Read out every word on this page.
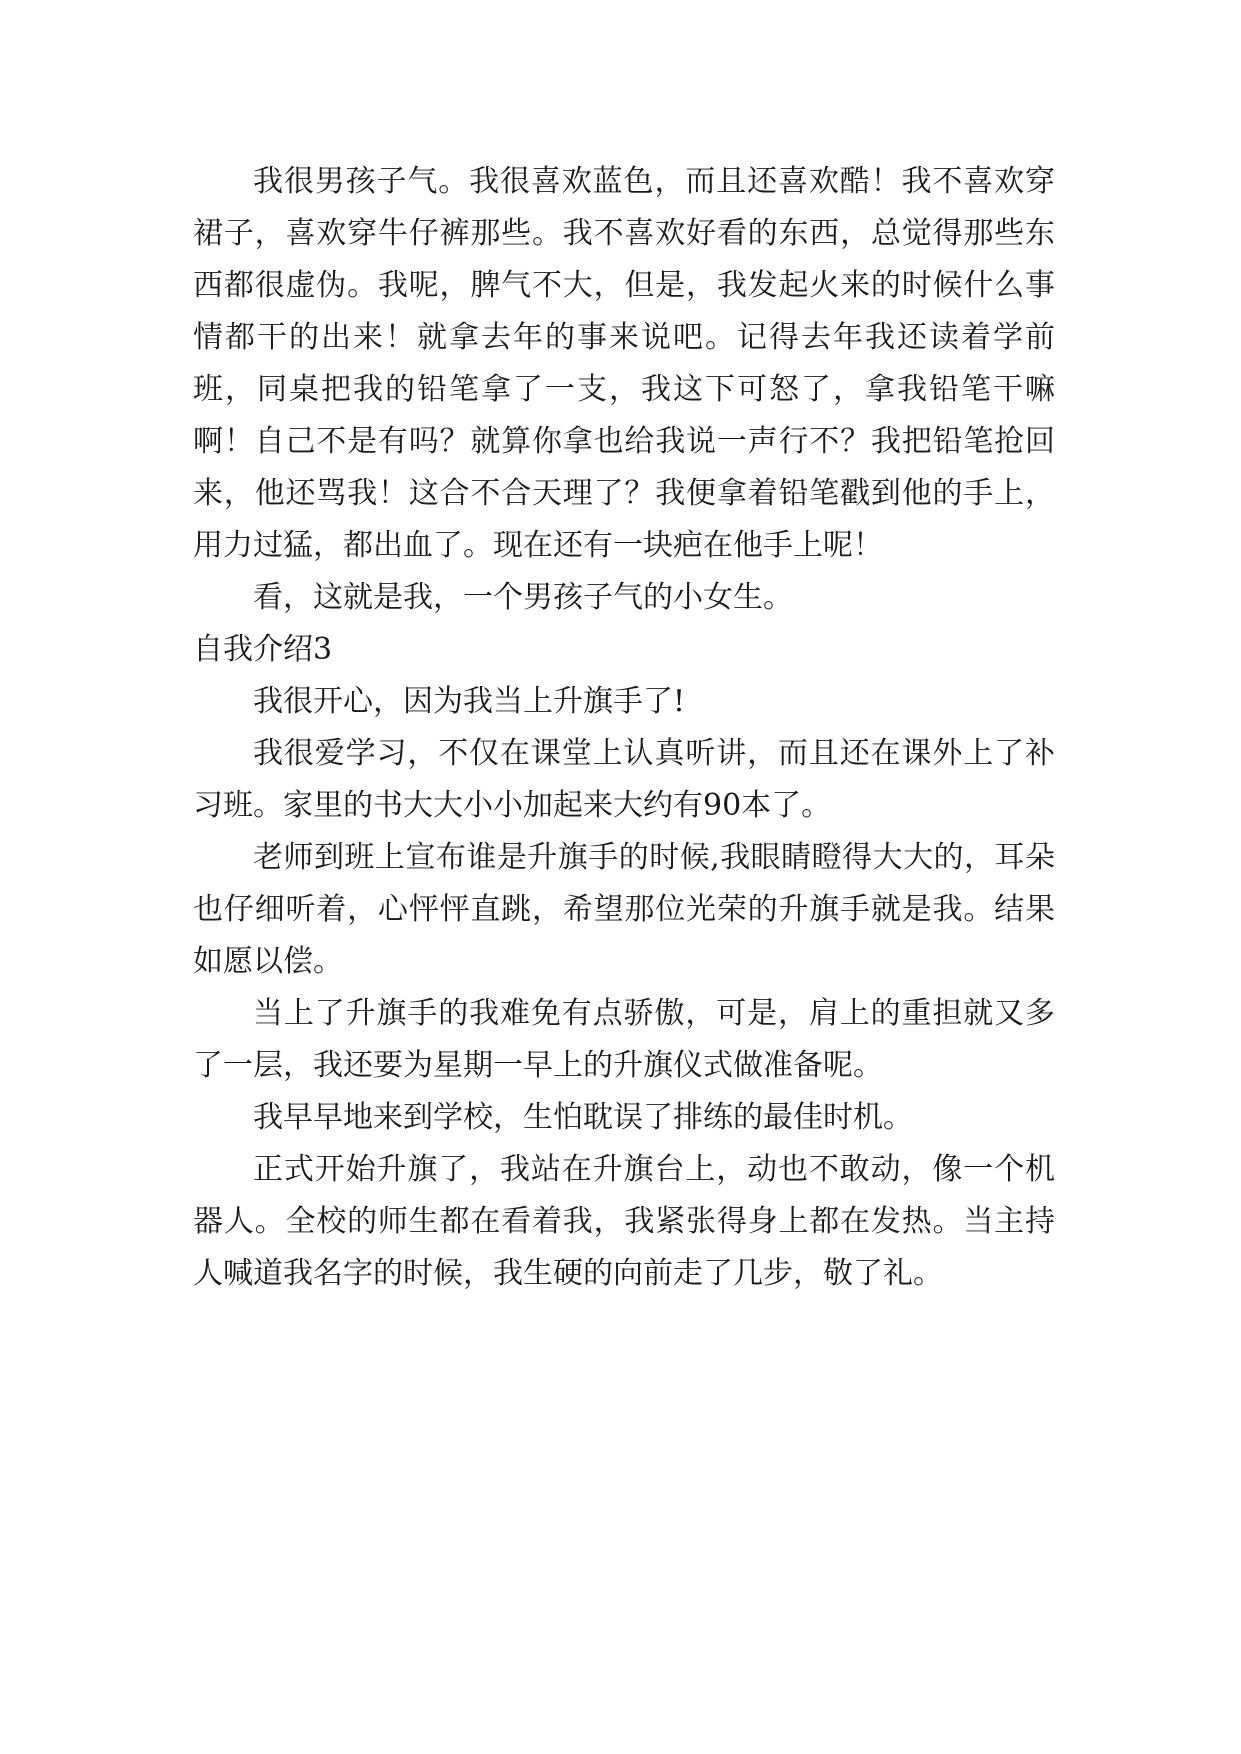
我很男孩子气。我很喜欢蓝色，而且还喜欢酷！我不喜欢穿裙子，喜欢穿牛仔裤那些。我不喜欢好看的东西，总觉得那些东西都很虚伪。我呢，脾气不大，但是，我发起火来的时候什么事情都干的出来！就拿去年的事来说吧。记得去年我还读着学前班，同桌把我的铅笔拿了一支，我这下可怒了，拿我铅笔干嘛啊！自己不是有吗？就算你拿也给我说一声行不？我把铅笔抢回来，他还骂我！这合不合天理了？我便拿着铅笔戳到他的手上，用力过猛，都出血了。现在还有一块疤在他手上呢！

看，这就是我，一个男孩子气的小女生。

自我介绍3

我很开心，因为我当上升旗手了!

我很爱学习，不仅在课堂上认真听讲，而且还在课外上了补习班。家里的书大大小小加起来大约有90本了。

老师到班上宣布谁是升旗手的时候,我眼睛瞪得大大的，耳朵也仔细听着，心怦怦直跳，希望那位光荣的升旗手就是我。结果如愿以偿。

当上了升旗手的我难免有点骄傲，可是，肩上的重担就又多了一层，我还要为星期一早上的升旗仪式做准备呢。

我早早地来到学校，生怕耽误了排练的最佳时机。

正式开始升旗了，我站在升旗台上，动也不敢动，像一个机器人。全校的师生都在看着我，我紧张得身上都在发热。当主持人喊道我名字的时候，我生硬的向前走了几步，敬了礼。
